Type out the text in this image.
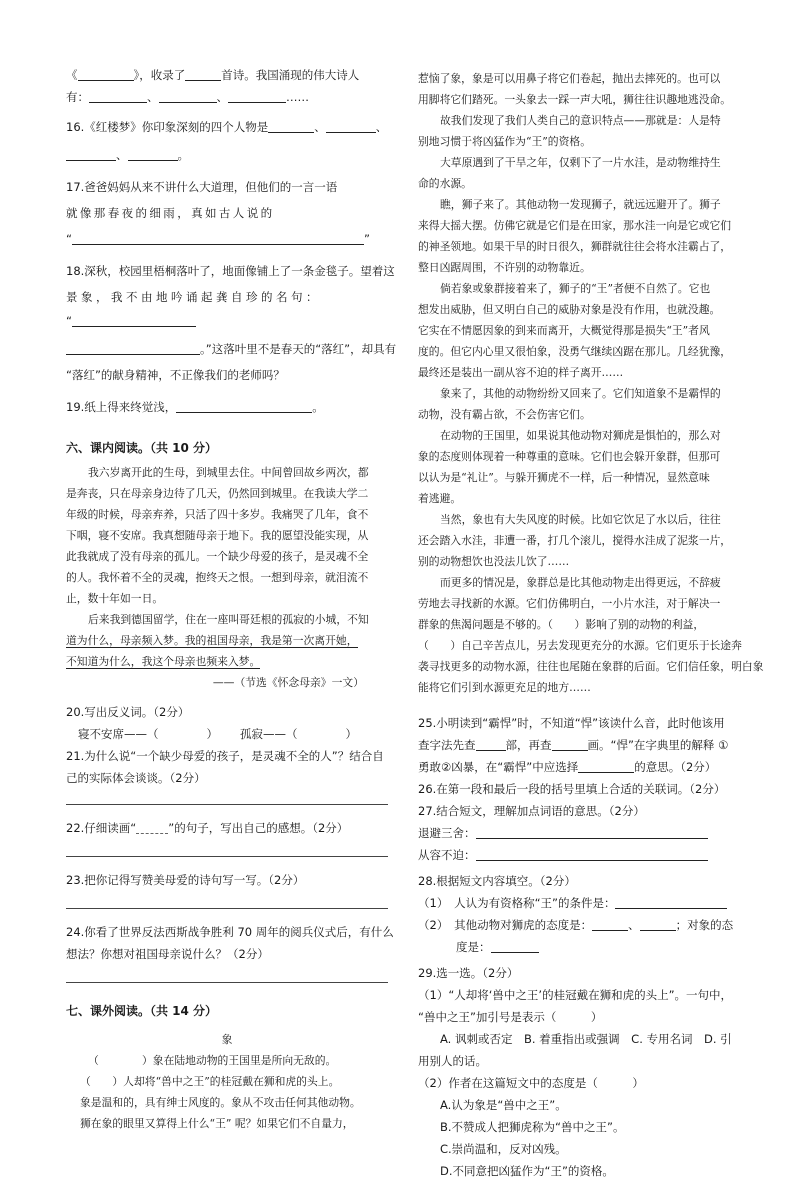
《	》，收录了	首诗。我国涌现的伟大诗人
有：	、	、	……
16.《红楼梦》你印象深刻的四个人物是	、	、
、	。
17.爸爸妈妈从来不讲什么大道理，但他们的一言一语
就像那春夜的细雨，真如古人说的
“	”
18.深秋，校园里梧桐落叶了，地面像铺上了一条金毯子。望着这
景象，我不由地吟诵起龚自珍的名句：
“
。”这落叶里不是春天的“落红”，却具有
“落红”的献身精神，不正像我们的老师吗？
19.纸上得来终觉浅，	。
六、课内阅读。（共 10 分）
我六岁离开此的生母，到城里去住。中间曾回故乡两次，都
是奔丧，只在母亲身边待了几天，仍然回到城里。在我读大学二
年级的时候，母亲弃养，只活了四十多岁。我痛哭了几年，食不
下咽，寝不安席。我真想随母亲于地下。我的愿望没能实现，从
此我就成了没有母亲的孤儿。一个缺少母爱的孩子，是灵魂不全
的人。我怀着不全的灵魂，抱终天之恨。一想到母亲，就泪流不
止，数十年如一日。
后来我到德国留学，住在一座叫哥廷根的孤寂的小城，不知
道为什么，母亲频入梦。我的祖国母亲，我是第一次离开她，
不知道为什么，我这个母亲也频来入梦。
——（节选《怀念母亲》一文）
20.写出反义词。（2分）
寝不安席——（	） 孤寂——（	）
21.为什么说“一个缺少母爱的孩子，是灵魂不全的人”？结合自
己的实际体会谈谈。（2分）
22.仔细读画“	”的句子，写出自己的感想。（2分）
23.把你记得写赞美母爱的诗句写一写。（2分）
24.你看了世界反法西斯战争胜利 70 周年的阅兵仪式后，有什么
想法？你想对祖国母亲说什么？（2分）
七、课外阅读。（共 14 分）
象
（　　　　）象在陆地动物的王国里是所向无敌的。
（　　）人却将“兽中之王”的桂冠戴在狮和虎的头上。
象是温和的，具有绅士风度的。象从不攻击任何其他动物。
狮在象的眼里又算得上什么“王” 呢？如果它们不自量力，
惹恼了象，象是可以用鼻子将它们卷起，抛出去摔死的。也可以
用脚将它们踏死。一头象去一踩一声大吼，狮往往识趣地逃没命。
故我们发现了我们人类自己的意识特点——那就是：人是特
别地习惯于将凶猛作为“王”的资格。
大草原遇到了干旱之年，仅剩下了一片水洼，是动物维持生
命的水源。
瞧，狮子来了。其他动物一发现狮子，就远远避开了。狮子
来得大摇大摆。仿佛它就是它们是在田家，那水洼一向是它或它们
的神圣领地。如果干旱的时日很久，狮群就往往会将水洼霸占了，
整日凶踞周围，不许别的动物靠近。
倘若象或象群接着来了，狮子的“王”者便不自然了。它也
想发出威胁，但又明白自己的威胁对象是没有作用，也就没趣。
它实在不情愿因象的到来而离开，大概觉得那是损失“王”者风
度的。但它内心里又很怕象，没勇气继续凶踞在那儿。几经犹豫，
最终还是装出一副从容不迫的样子离开……
象来了，其他的动物纷纷又回来了。它们知道象不是霸悍的
动物，没有霸占欲，不会伤害它们。
在动物的王国里，如果说其他动物对狮虎是惧怕的，那么对
象的态度则体现着一种尊重的意味。它们也会躲开象群，但那可
以认为是“礼让”。与躲开狮虎不一样，后一种情况，显然意味
着逃避。
当然，象也有大失风度的时候。比如它饮足了水以后，往往
还会踏入水洼，非遭一番，打几个滚儿，搅得水洼成了泥浆一片，
别的动物想饮也没法儿饮了……
而更多的情况是，象群总是比其他动物走出得更远，不辞疲
劳地去寻找新的水源。它们仿佛明白，一小片水洼，对于解决一
群象的焦渴问题是不够的。（　　）影响了别的动物的利益，
（　　）自己辛苦点儿，另去发现更充分的水源。它们更乐于长途奔
袭寻找更多的动物水源，往往也尾随在象群的后面。它们信任象，明白象
能将它们引到水源更充足的地方……
25.小明读到“霸悍”时，不知道“悍”该读什么音，此时他该用
查字法先查	部，再查	画。“悍”在字典里的解释 ①
勇敢②凶暴，在“霸悍”中应选择	的意思。（2分）
26.在第一段和最后一段的括号里填上合适的关联词。（2分）
27.结合短文，理解加点词语的意思。（2分）
退避三舍：
从容不迫：
28.根据短文内容填空。（2分）
（1）　人认为有资格称“王”的条件是：
（2）　其他动物对狮虎的态度是：	、	；对象的态
度是：
29.选一选。（2分）
（1）“人却将‘兽中之王’的桂冠戴在狮和虎的头上”。一句中，
“兽中之王”加引号是表示（　　　）
A. 讽刺或否定　B. 着重指出或强调　C. 专用名词　D. 引
用别人的话。
（2）作者在这篇短文中的态度是（　　　）
A.认为象是“兽中之王”。
B.不赞成人把狮虎称为“兽中之王”。
C.崇尚温和，反对凶残。
D.不同意把凶猛作为“王”的资格。
